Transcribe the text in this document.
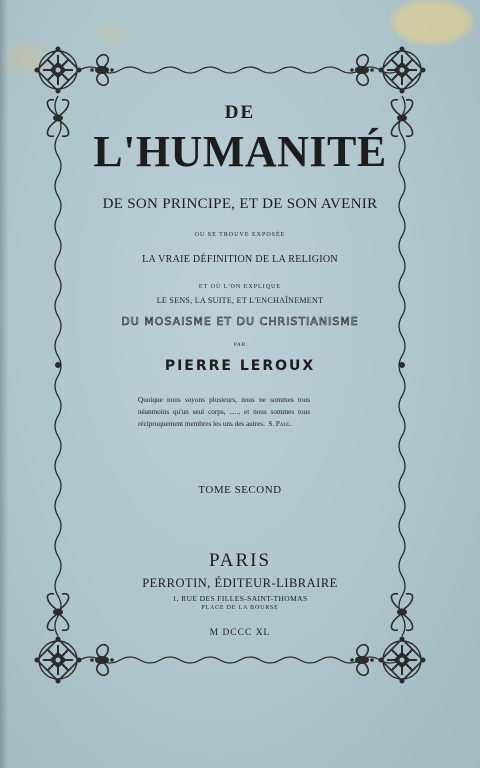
DE
L'HUMANITÉ
DE SON PRINCIPE, ET DE SON AVENIR
OU SE TROUVE EXPOSÉE
LA VRAIE DÉFINITION DE LA RELIGION
ET OÙ L'ON EXPLIQUE
LE SENS, LA SUITE, ET L'ENCHAÎNEMENT
DU MOSAISME ET DU CHRISTIANISME
PAR
PIERRE LEROUX
Quoique nous soyons plusieurs, nous ne sommes tous néanmoins qu'un seul corps, ....., et nous sommes tous réciproquement membres les uns des autres. S. Paul.
TOME SECOND
PARIS
PERROTIN, ÉDITEUR-LIBRAIRE
1, RUE DES FILLES-SAINT-THOMAS
PLACE DE LA BOURSE
M DCCC XL
